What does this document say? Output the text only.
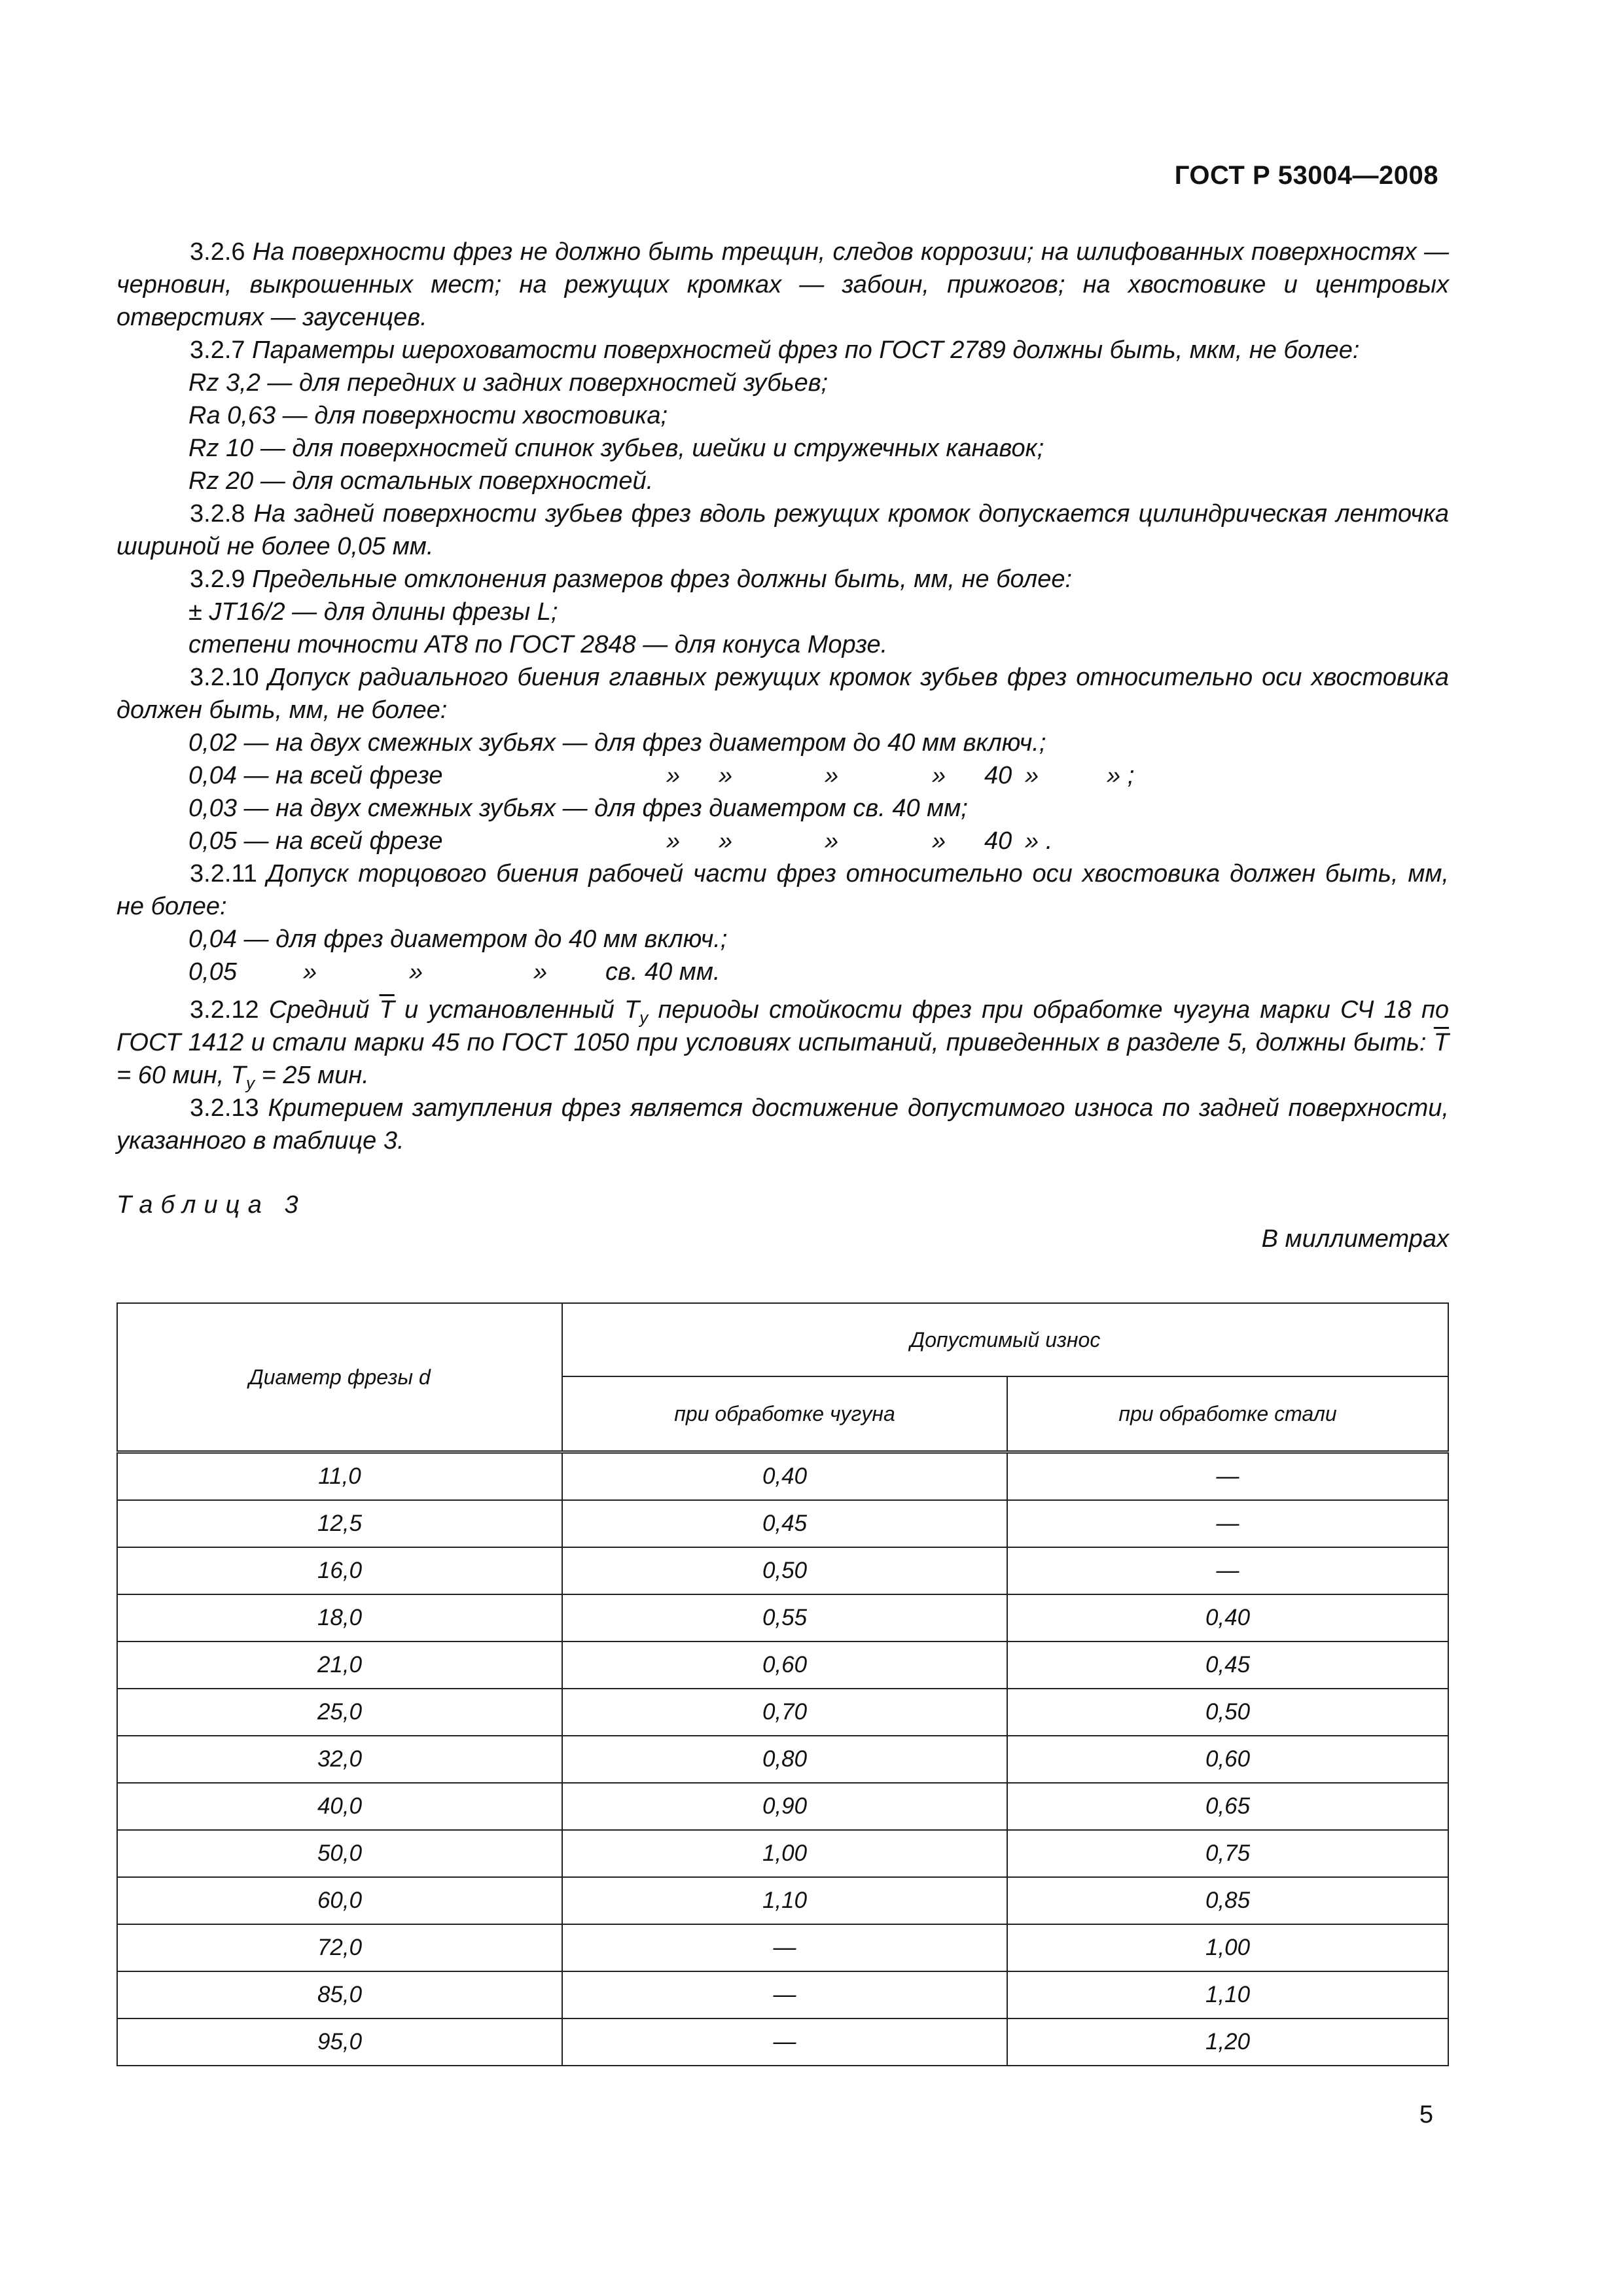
ГОСТ Р 53004—2008
3.2.6 На поверхности фрез не должно быть трещин, следов коррозии; на шлифованных поверхностях — черновин, выкрошенных мест; на режущих кромках — забоин, прижогов; на хвостовике и центровых отверстиях — заусенцев.
3.2.7 Параметры шероховатости поверхностей фрез по ГОСТ 2789 должны быть, мкм, не более:
Rz 3,2 — для передних и задних поверхностей зубьев;
Ra 0,63 — для поверхности хвостовика;
Rz 10 — для поверхностей спинок зубьев, шейки и стружечных канавок;
Rz 20 — для остальных поверхностей.
3.2.8 На задней поверхности зубьев фрез вдоль режущих кромок допускается цилиндрическая ленточка шириной не более 0,05 мм.
3.2.9 Предельные отклонения размеров фрез должны быть, мм, не более:
± JT16/2 — для длины фрезы L;
степени точности АТ8 по ГОСТ 2848 — для конуса Морзе.
3.2.10 Допуск радиального биения главных режущих кромок зубьев фрез относительно оси хвостовика должен быть, мм, не более:
0,02 — на двух смежных зубьях — для фрез диаметром до 40 мм включ.;
0,04 — на всей фрезе	»	»	»	»	40 »	» ;
0,03 — на двух смежных зубьях — для фрез диаметром св. 40 мм;
0,05 — на всей фрезе	»	»	»	»	40 » .
3.2.11 Допуск торцового биения рабочей части фрез относительно оси хвостовика должен быть, мм, не более:
0,04 — для фрез диаметром до 40 мм включ.;
0,05	»	»	»	св. 40 мм.
3.2.12 Средний $\overline{T}$ и установленный $T_у$ периоды стойкости фрез при обработке чугуна марки СЧ 18 по ГОСТ 1412 и стали марки 45 по ГОСТ 1050 при условиях испытаний, приведенных в разделе 5, должны быть: $\overline{T} = 60$ мин, $T_у = 25$ мин.
3.2.13 Критерием затупления фрез является достижение допустимого износа по задней поверхности, указанного в таблице 3.
Таблица 3
В миллиметрах
Диаметр фрезы d	Допустимый износ	
	при обработке чугуна	при обработке стали
11,0	0,40	—
12,5	0,45	—
16,0	0,50	—
18,0	0,55	0,40
21,0	0,60	0,45
25,0	0,70	0,50
32,0	0,80	0,60
40,0	0,90	0,65
50,0	1,00	0,75
60,0	1,10	0,85
72,0	—	1,00
85,0	—	1,10
95,0	—	1,20
5
